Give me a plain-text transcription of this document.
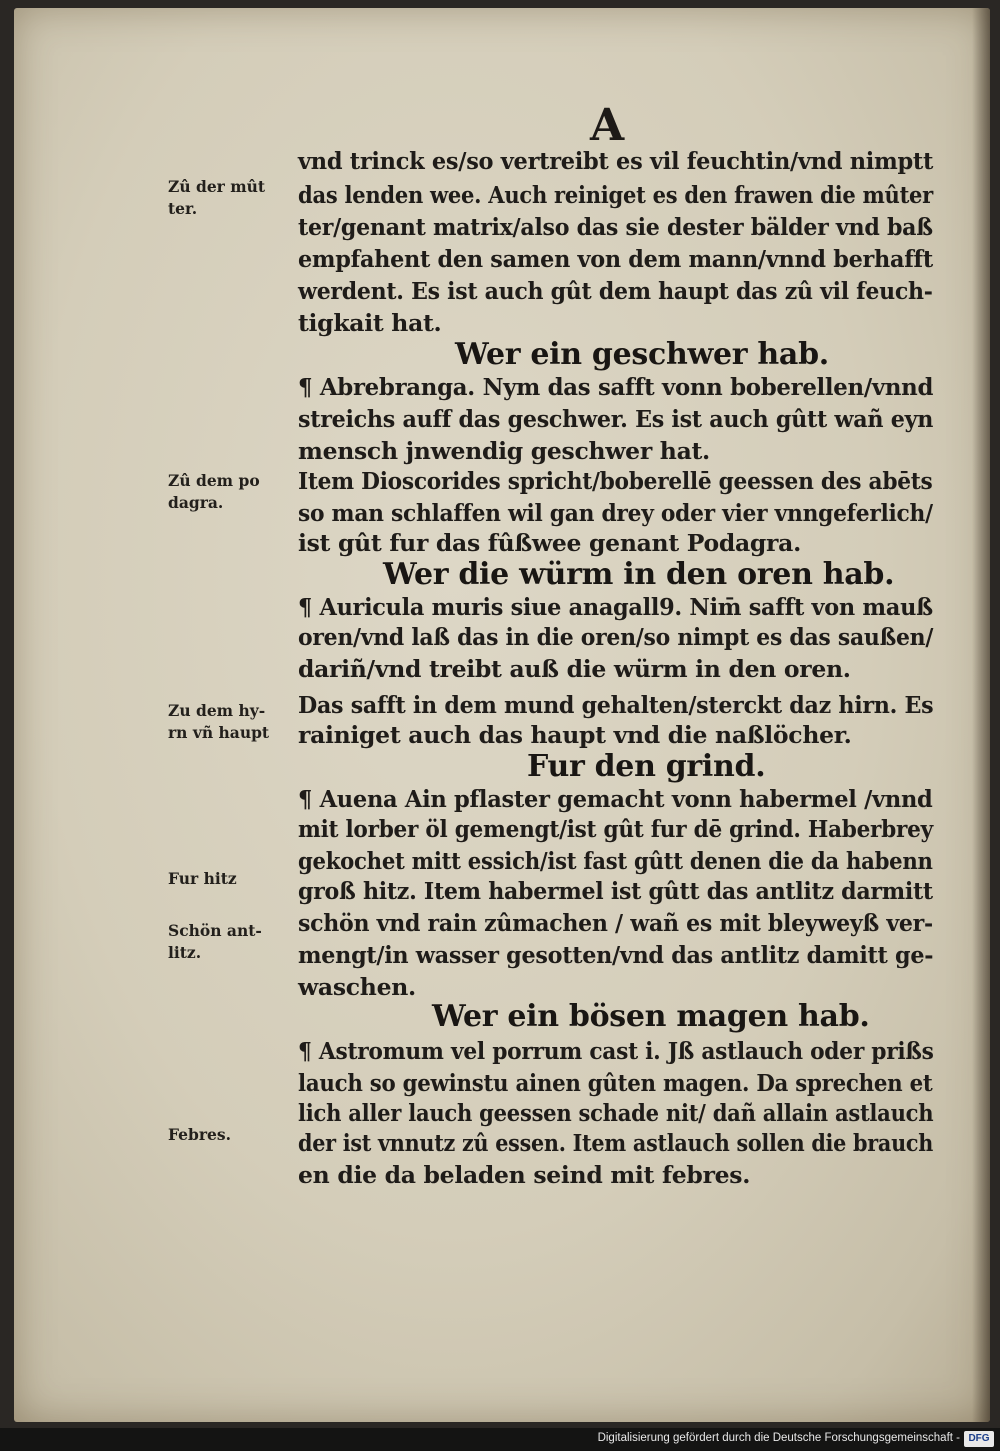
A
vnd trinck es/so vertreibt es vil feuchtin/vnd nimptt
das lenden wee. Auch reiniget es den frawen die mûter
ter/genant matrix/also das sie dester bälder vnd baß
empfahent den samen von dem mann/vnnd berhafft
werdent. Es ist auch gût dem haupt das zû vil feuch-
tigkait hat.
Wer ein geschwer hab.
¶ Abrebranga. Nym das safft vonn boberellen/vnnd
streichs auff das geschwer. Es ist auch gûtt wañ eyn
mensch jnwendig geschwer hat.
Item Dioscorides spricht/boberellē geessen des abēts
so man schlaffen wil gan drey oder vier vnngeferlich/
ist gût fur das fûßwee genant Podagra.
Wer die würm in den oren hab.
¶ Auricula muris siue anagall9. Nim̄ safft von mauß
oren/vnd laß das in die oren/so nimpt es das saußen/
dariñ/vnd treibt auß die würm in den oren.
Das safft in dem mund gehalten/sterckt daz hirn. Es
rainiget auch das haupt vnd die naßlöcher.
Fur den grind.
¶ Auena Ain pflaster gemacht vonn habermel /vnnd
mit lorber öl gemengt/ist gût fur dē grind. Haberbrey
gekochet mitt essich/ist fast gûtt denen die da habenn
groß hitz. Item habermel ist gûtt das antlitz darmitt
schön vnd rain zûmachen / wañ es mit bleyweyß ver-
mengt/in wasser gesotten/vnd das antlitz damitt ge-
waschen.
Wer ein bösen magen hab.
¶ Astromum vel porrum cast i. Jß astlauch oder prißs
lauch so gewinstu ainen gûten magen. Da sprechen et
lich aller lauch geessen schade nit/ dañ allain astlauch
der ist vnnutz zû essen. Item astlauch sollen die brauch
en die da beladen seind mit febres.
Zû der mût
ter.
Zû dem po
dagra.
Zu dem hy-
rn vñ haupt
Fur hitz
Schön ant-
litz.
Febres.
Digitalisierung gefördert durch die Deutsche Forschungsgemeinschaft - DFG
